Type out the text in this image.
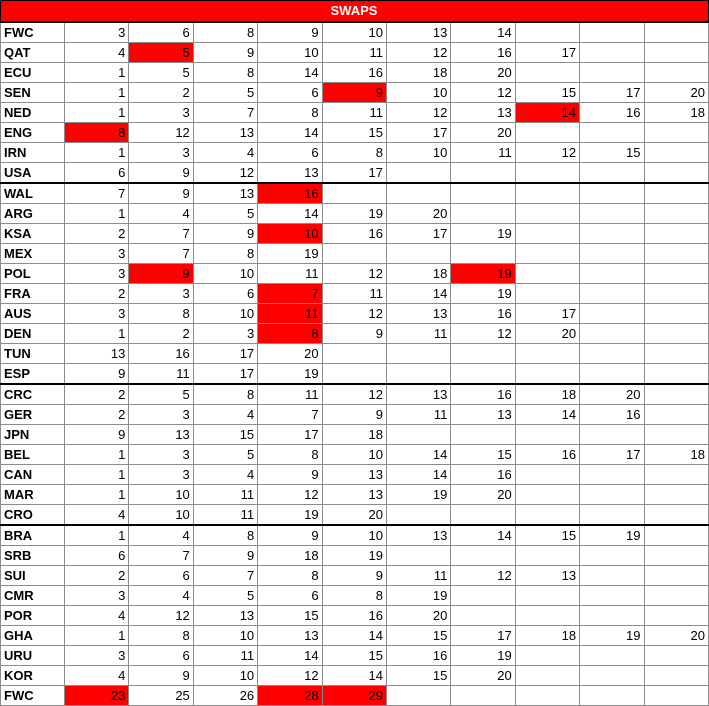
SWAPS										
FWC	3	6	8	9	10	13	14			
QAT	4	5	9	10	11	12	16	17		
ECU	1	5	8	14	16	18	20			
SEN	1	2	5	6	9	10	12	15	17	20
NED	1	3	7	8	11	12	13	14	16	18
ENG	8	12	13	14	15	17	20			
IRN	1	3	4	6	8	10	11	12	15	
USA	6	9	12	13	17					
WAL	7	9	13	16						
ARG	1	4	5	14	19	20				
KSA	2	7	9	10	16	17	19			
MEX	3	7	8	19						
POL	3	9	10	11	12	18	19			
FRA	2	3	6	7	11	14	19			
AUS	3	8	10	11	12	13	16	17		
DEN	1	2	3	8	9	11	12	20		
TUN	13	16	17	20						
ESP	9	11	17	19						
CRC	2	5	8	11	12	13	16	18	20	
GER	2	3	4	7	9	11	13	14	16	
JPN	9	13	15	17	18					
BEL	1	3	5	8	10	14	15	16	17	18
CAN	1	3	4	9	13	14	16			
MAR	1	10	11	12	13	19	20			
CRO	4	10	11	19	20					
BRA	1	4	8	9	10	13	14	15	19	
SRB	6	7	9	18	19					
SUI	2	6	7	8	9	11	12	13		
CMR	3	4	5	6	8	19				
POR	4	12	13	15	16	20				
GHA	1	8	10	13	14	15	17	18	19	20
URU	3	6	11	14	15	16	19			
KOR	4	9	10	12	14	15	20			
FWC	23	25	26	28	29					
